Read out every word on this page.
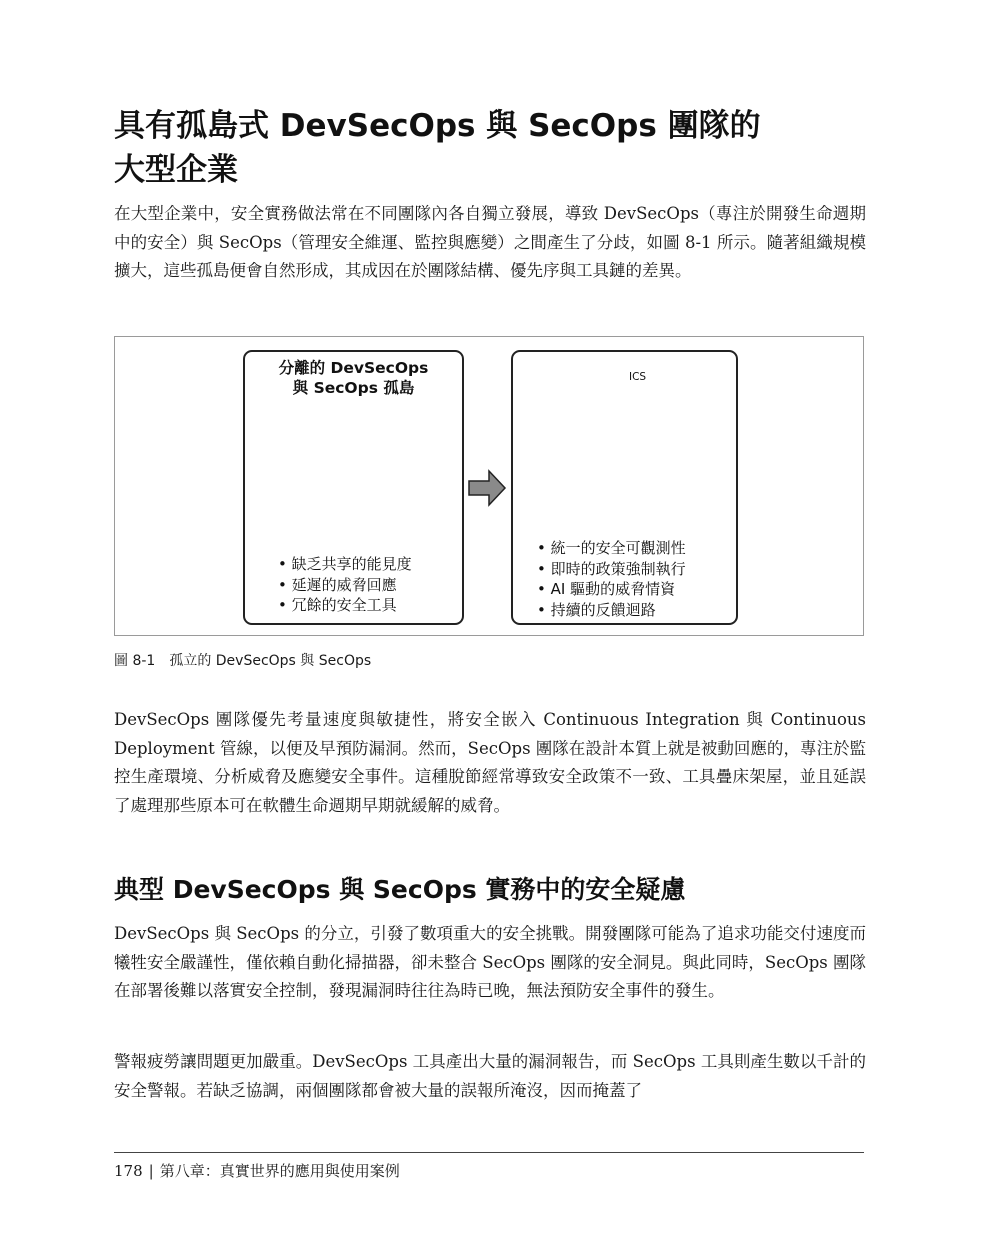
具有孤島式 DevSecOps 與 SecOps 團隊的
大型企業
在大型企業中，安全實務做法常在不同團隊內各自獨立發展，導致 DevSecOps（專注於開發生命週期中的安全）與 SecOps（管理安全維運、監控與應變）之間產生了分歧，如圖 8-1 所示。隨著組織規模擴大，這些孤島便會自然形成，其成因在於團隊結構、優先序與工具鏈的差異。
分離的 DevSecOps
與 SecOps 孤島
• 缺乏共享的能見度
• 延遲的威脅回應
• 冗餘的安全工具
• 統一的安全可觀測性
• 即時的政策強制執行
• AI 驅動的威脅情資
• 持續的反饋迴路
ICS
圖 8-1 孤立的 DevSecOps 與 SecOps
DevSecOps 團隊優先考量速度與敏捷性，將安全嵌入 Continuous Integration 與 Continuous Deployment 管線，以便及早預防漏洞。然而，SecOps 團隊在設計本質上就是被動回應的，專注於監控生產環境、分析威脅及應變安全事件。這種脫節經常導致安全政策不一致、工具疊床架屋，並且延誤了處理那些原本可在軟體生命週期早期就緩解的威脅。
典型 DevSecOps 與 SecOps 實務中的安全疑慮
DevSecOps 與 SecOps 的分立，引發了數項重大的安全挑戰。開發團隊可能為了追求功能交付速度而犧牲安全嚴謹性，僅依賴自動化掃描器，卻未整合 SecOps 團隊的安全洞見。與此同時，SecOps 團隊在部署後難以落實安全控制，發現漏洞時往往為時已晚，無法預防安全事件的發生。
警報疲勞讓問題更加嚴重。DevSecOps 工具產出大量的漏洞報告，而 SecOps 工具則產生數以千計的安全警報。若缺乏協調，兩個團隊都會被大量的誤報所淹沒，因而掩蓋了
178 | 第八章：真實世界的應用與使用案例
